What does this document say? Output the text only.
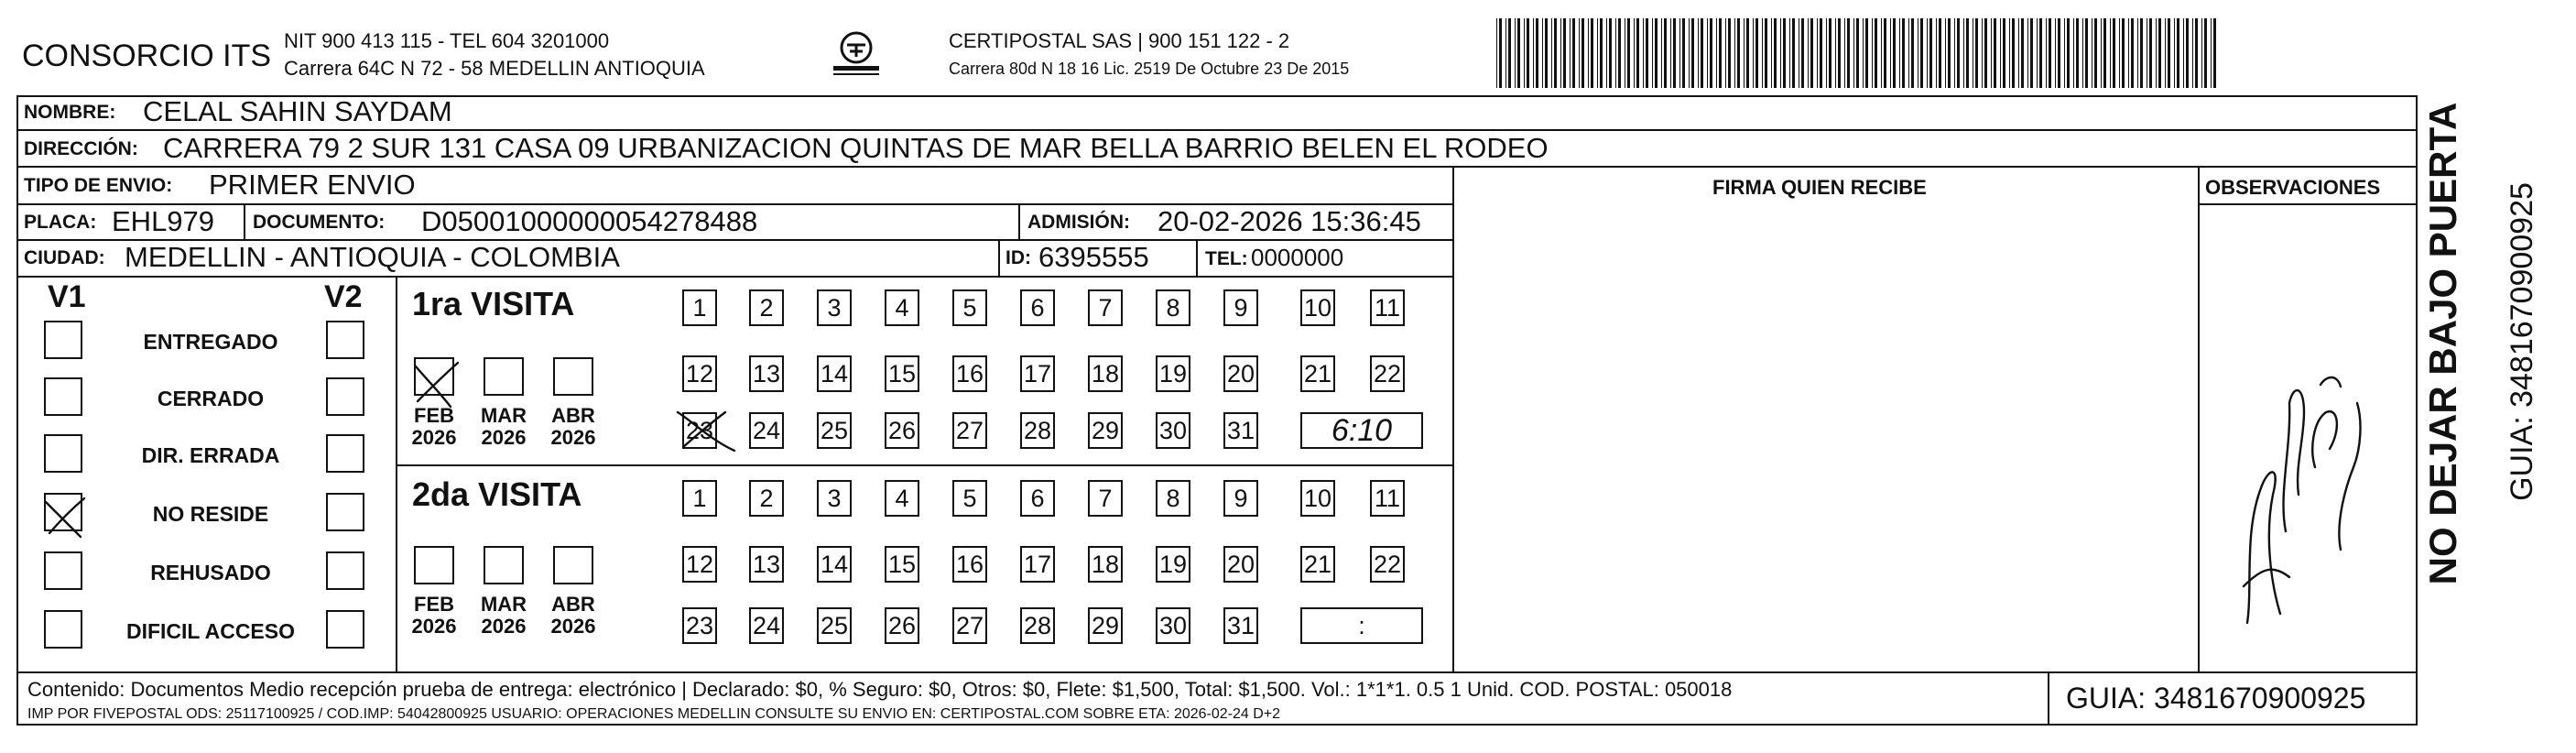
CONSORCIO ITS NIT 900 413 115 - TEL 604 3201000
Carrera 64C N 72 - 58 MEDELLIN ANTIOQUIA
CERTIPOSTAL SAS | 900 151 122 - 2
Carrera 80d N 18 16 Lic. 2519 De Octubre 23 De 2015
NOMBRE: CELAL SAHIN SAYDAM
DIRECCIÓN: CARRERA 79 2 SUR 131 CASA 09 URBANIZACION QUINTAS DE MAR BELLA BARRIO BELEN EL RODEO
TIPO DE ENVIO: PRIMER ENVIO	FIRMA QUIEN RECIBE	OBSERVACIONES
PLACA: EHL979 DOCUMENTO: D05001000000054278488	ADMISIÓN: 20-02-2026 15:36:45
CIUDAD: MEDELLIN - ANTIOQUIA - COLOMBIA	ID: 6395555	TEL: 0000000
V1	V2
ENTREGADO
CERRADO
DIR. ERRADA
NO RESIDE
REHUSADO
DIFICIL ACCESO
1ra VISITA
2da VISITA
FEB
2026
MAR
2026
ABR
2026
FEB
2026
MAR
2026
ABR
2026
1	2	3	4	5	6	7	8	9	10 11
12 13 14 15 16 17 18 19 20 21 22
23 24 25 26 27 28 29 30 31
1	2	3	4	5	6	7	8	9	10 11
12 13 14 15 16 17 18 19 20 21 22
23 24 25 26 27 28 29 30 31
6:10
:
NO DEJAR BAJO PUERTA GUIA: 3481670900925
Contenido: Documentos Medio recepción prueba de entrega: electrónico | Declarado: $0, % Seguro: $0, Otros: $0, Flete: $1,500, Total: $1,500. Vol.: 1*1*1. 0.5 1 Unid. COD. POSTAL: 050018
IMP POR FIVEPOSTAL ODS: 25117100925 / COD.IMP: 54042800925 USUARIO: OPERACIONES MEDELLIN CONSULTE SU ENVIO EN: CERTIPOSTAL.COM SOBRE ETA: 2026-02-24 D+2	GUIA: 3481670900925
